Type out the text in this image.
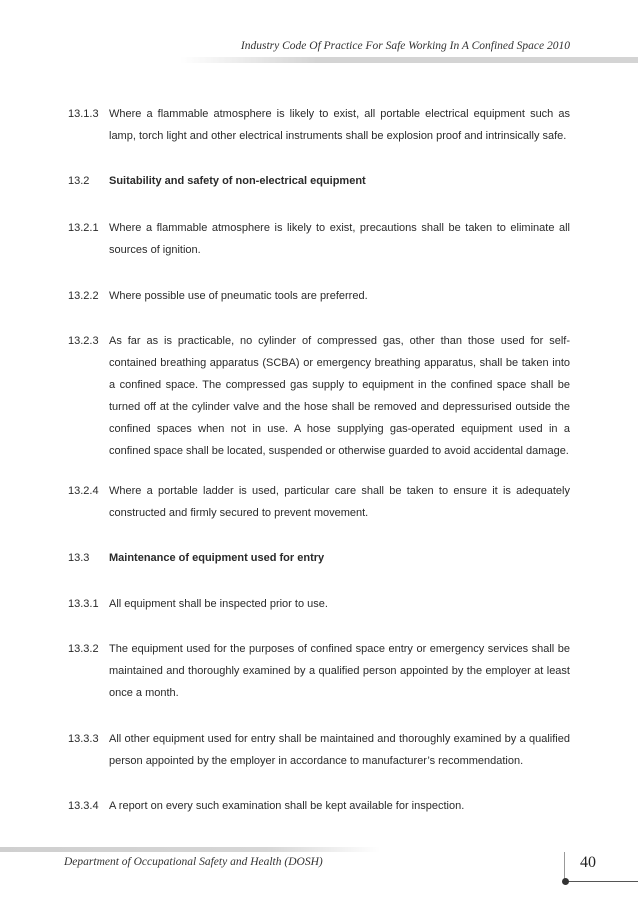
Industry Code Of Practice For Safe Working In A Confined Space 2010
13.1.3 Where a flammable atmosphere is likely to exist, all portable electrical equipment such as lamp, torch light and other electrical instruments shall be explosion proof and intrinsically safe.
13.2 Suitability and safety of non-electrical equipment
13.2.1 Where a flammable atmosphere is likely to exist, precautions shall be taken to eliminate all sources of ignition.
13.2.2 Where possible use of pneumatic tools are preferred.
13.2.3 As far as is practicable, no cylinder of compressed gas, other than those used for self-contained breathing apparatus (SCBA) or emergency breathing apparatus, shall be taken into a confined space. The compressed gas supply to equipment in the confined space shall be turned off at the cylinder valve and the hose shall be removed and depressurised outside the confined spaces when not in use. A hose supplying gas-operated equipment used in a confined space shall be located, suspended or otherwise guarded to avoid accidental damage.
13.2.4 Where a portable ladder is used, particular care shall be taken to ensure it is adequately constructed and firmly secured to prevent movement.
13.3 Maintenance of equipment used for entry
13.3.1 All equipment shall be inspected prior to use.
13.3.2 The equipment used for the purposes of confined space entry or emergency services shall be maintained and thoroughly examined by a qualified person appointed by the employer at least once a month.
13.3.3 All other equipment used for entry shall be maintained and thoroughly examined by a qualified person appointed by the employer in accordance to manufacturer’s recommendation.
13.3.4 A report on every such examination shall be kept available for inspection.
Department of Occupational Safety and Health (DOSH)	40
